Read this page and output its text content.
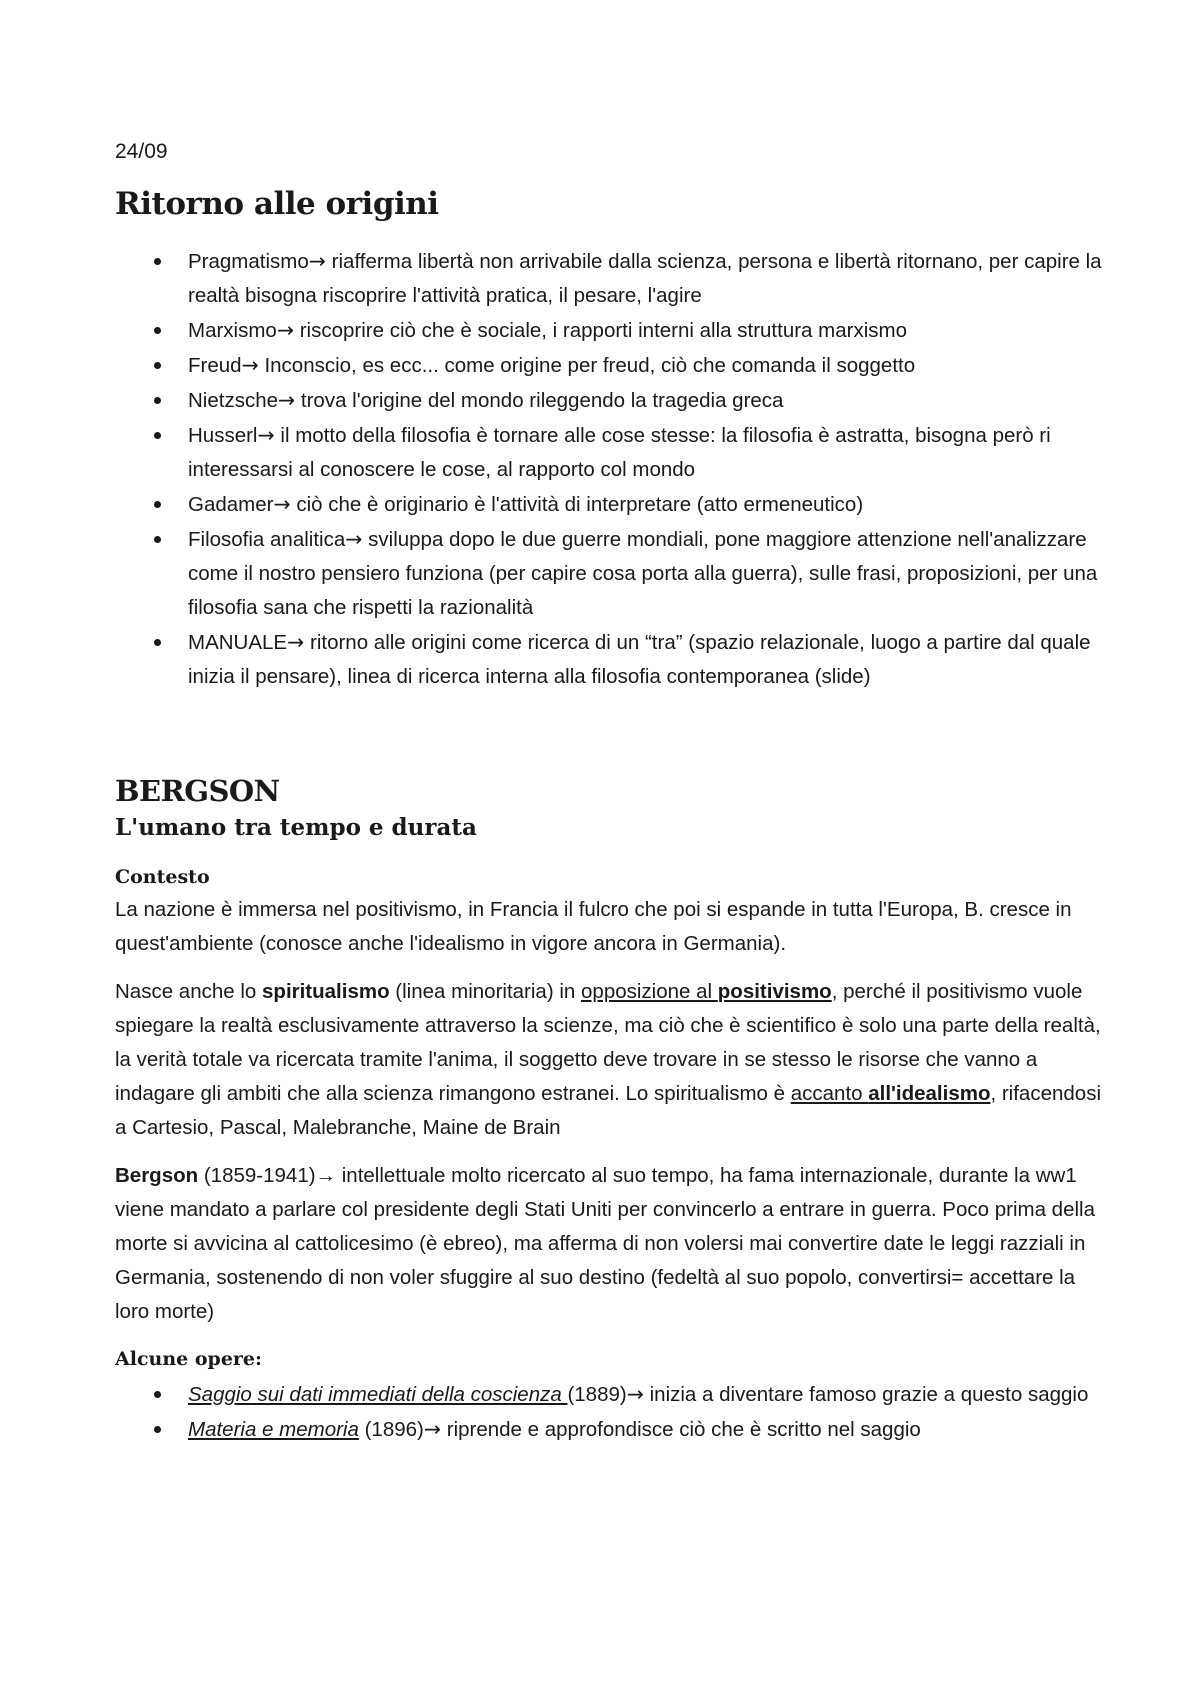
24/09
Ritorno alle origini
Pragmatismo→ riafferma libertà non arrivabile dalla scienza, persona e libertà ritornano, per capire la realtà bisogna riscoprire l'attività pratica, il pesare, l'agire
Marxismo→ riscoprire ciò che è sociale, i rapporti interni alla struttura marxismo
Freud→ Inconscio, es ecc... come origine per freud, ciò che comanda il soggetto
Nietzsche→ trova l'origine del mondo rileggendo la tragedia greca
Husserl→ il motto della filosofia è tornare alle cose stesse: la filosofia è astratta, bisogna però ri interessarsi al conoscere le cose, al rapporto col mondo
Gadamer→ ciò che è originario è l'attività di interpretare (atto ermeneutico)
Filosofia analitica→ sviluppa dopo le due guerre mondiali, pone maggiore attenzione nell'analizzare come il nostro pensiero funziona (per capire cosa porta alla guerra), sulle frasi, proposizioni, per una filosofia sana che rispetti la razionalità
MANUALE→ ritorno alle origini come ricerca di un “tra” (spazio relazionale, luogo a partire dal quale inizia il pensare), linea di ricerca interna alla filosofia contemporanea (slide)
BERGSON
L'umano tra tempo e durata
Contesto

La nazione è immersa nel positivismo, in Francia il fulcro che poi si espande in tutta l'Europa, B. cresce in quest'ambiente (conosce anche l'idealismo in vigore ancora in Germania).

Nasce anche lo spiritualismo (linea minoritaria) in opposizione al positivismo, perché il positivismo vuole spiegare la realtà esclusivamente attraverso la scienze, ma ciò che è scientifico è solo una parte della realtà, la verità totale va ricercata tramite l'anima, il soggetto deve trovare in se stesso le risorse che vanno a indagare gli ambiti che alla scienza rimangono estranei. Lo spiritualismo è accanto all'idealismo, rifacendosi a Cartesio, Pascal, Malebranche, Maine de Brain

Bergson (1859-1941)→ intellettuale molto ricercato al suo tempo, ha fama internazionale, durante la ww1 viene mandato a parlare col presidente degli Stati Uniti per convincerlo a entrare in guerra. Poco prima della morte si avvicina al cattolicesimo (è ebreo), ma afferma di non volersi mai convertire date le leggi razziali in Germania, sostenendo di non voler sfuggire al suo destino (fedeltà al suo popolo, convertirsi= accettare la loro morte)

Alcune opere:
Saggio sui dati immediati della coscienza (1889)→ inizia a diventare famoso grazie a questo saggio
Materia e memoria (1896)→ riprende e approfondisce ciò che è scritto nel saggio
